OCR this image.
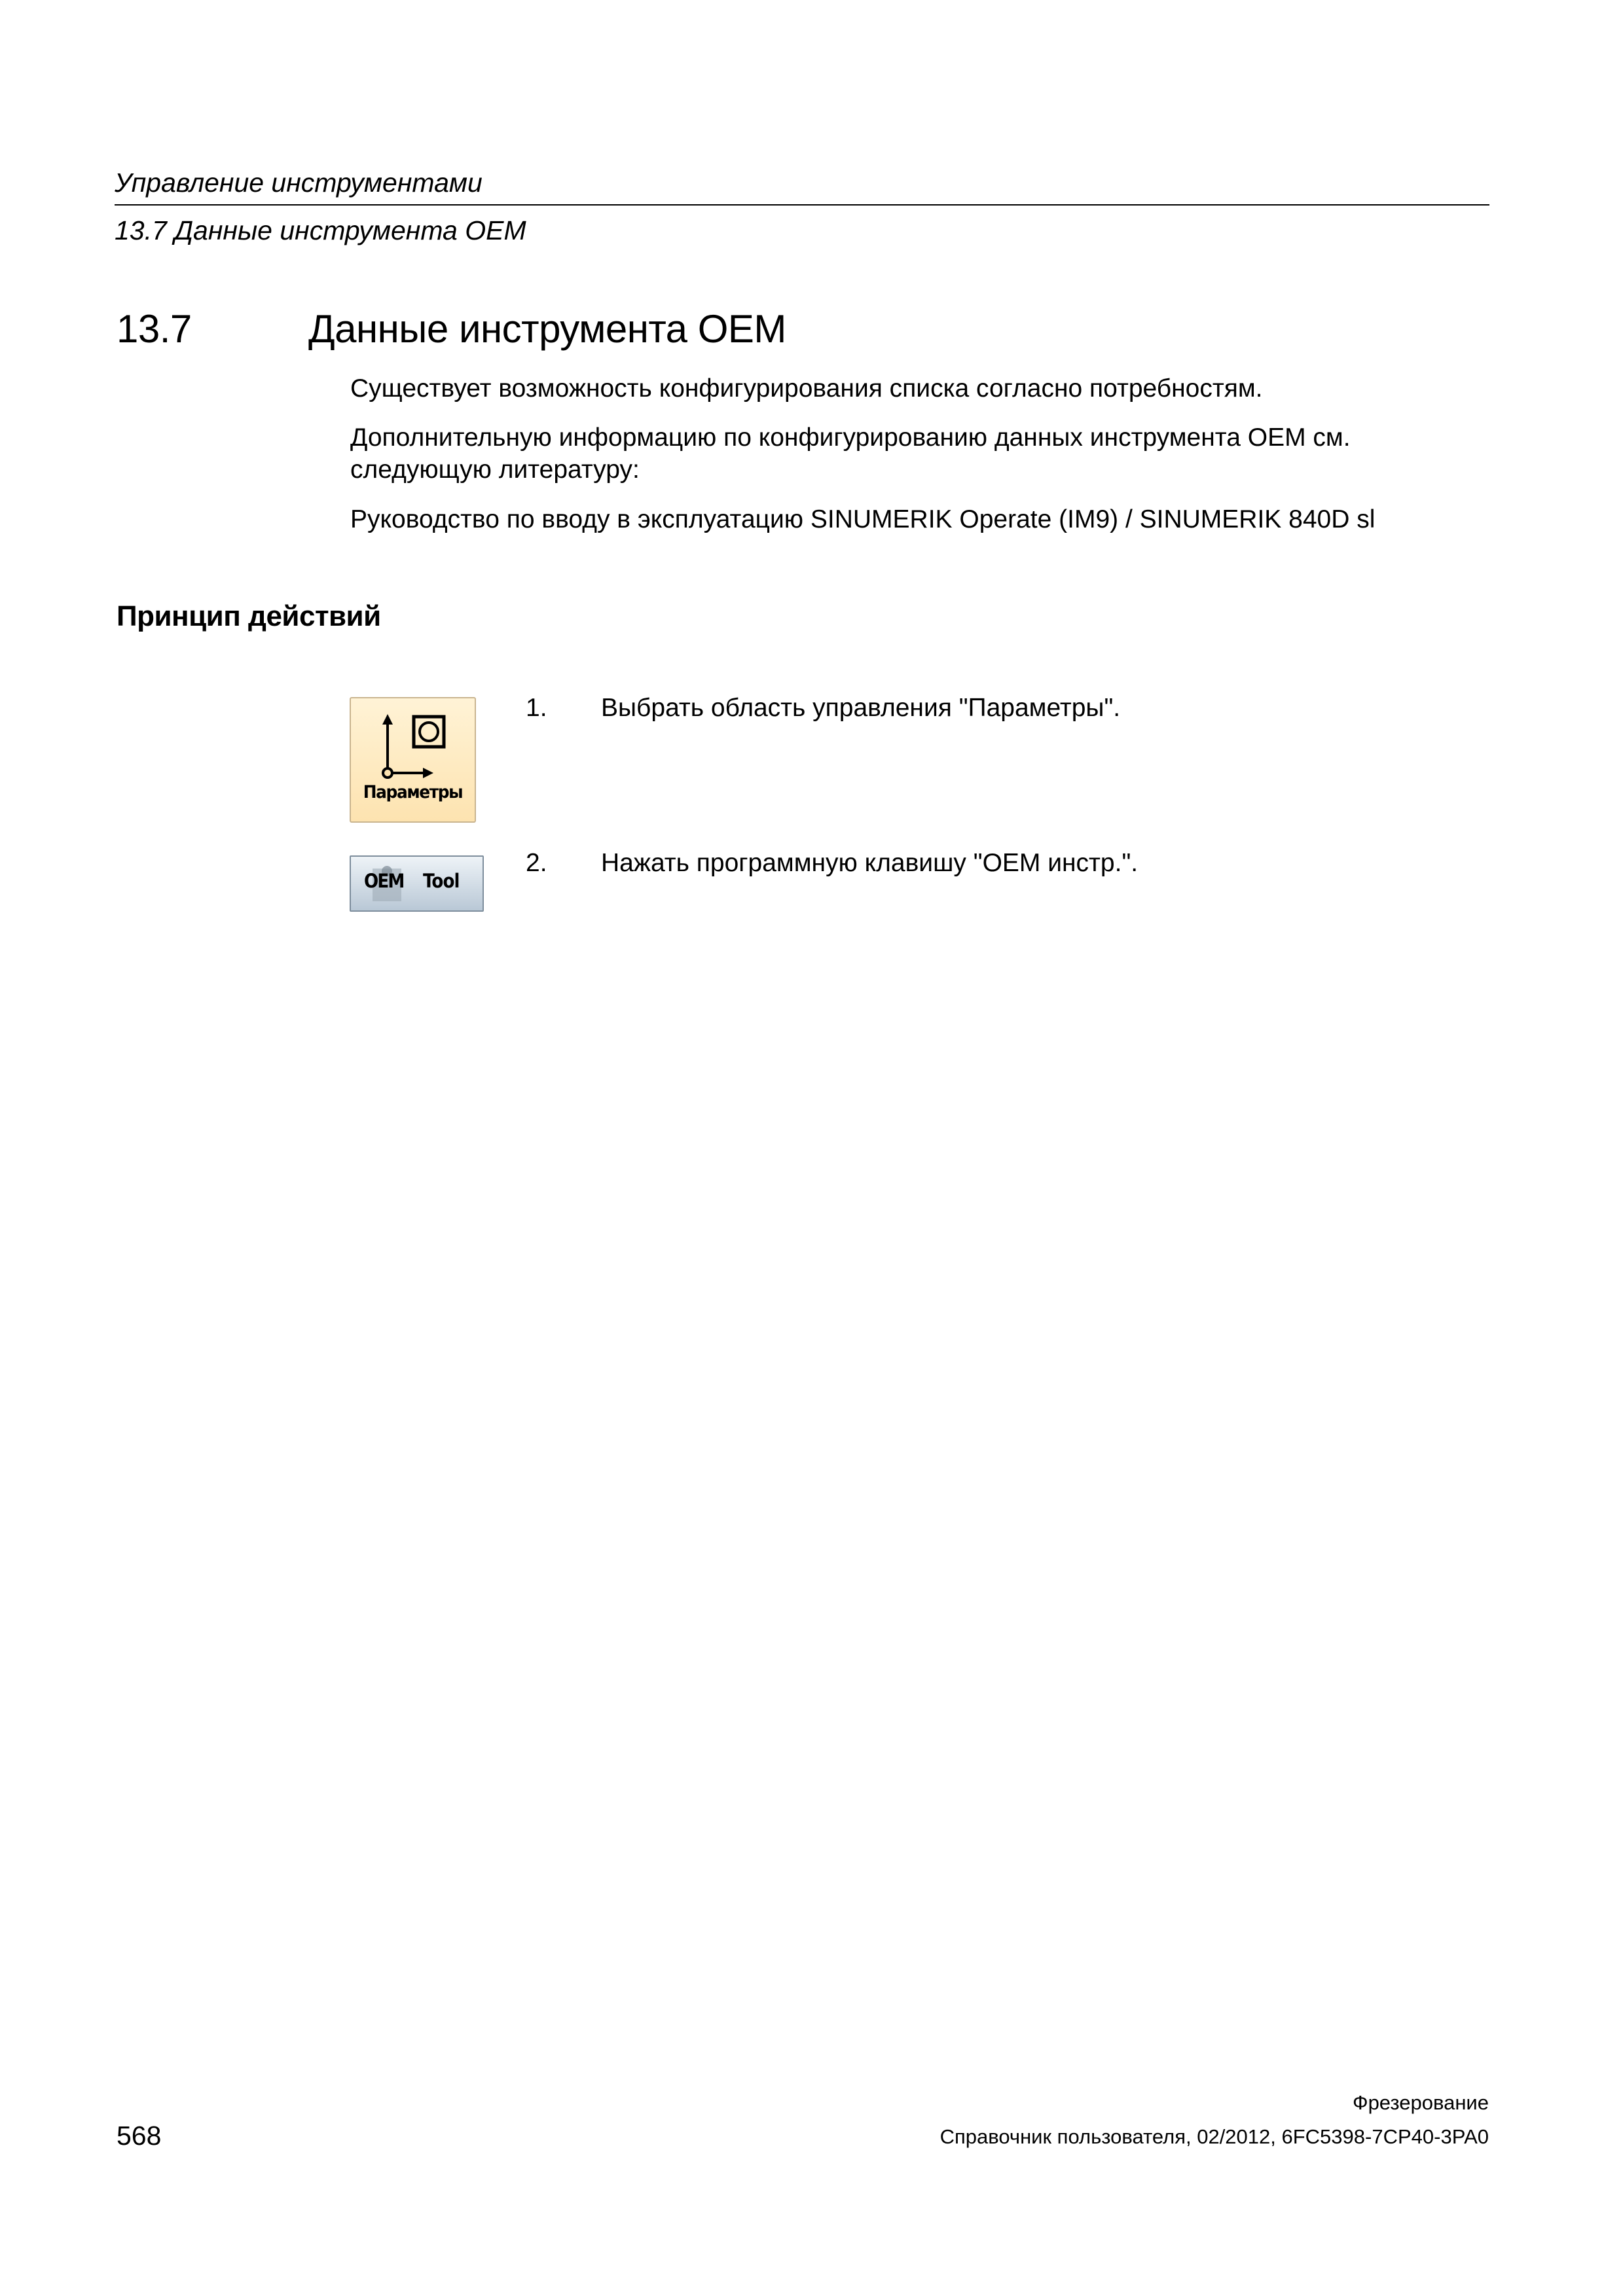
Управление инструментами
13.7 Данные инструмента OEM
13.7	Данные инструмента OEM
Существует возможность конфигурирования списка согласно потребностям.
Дополнительную информацию по конфигурированию данных инструмента OEM см. следующую литературу:
Руководство по вводу в эксплуатацию SINUMERIK Operate (IM9) / SINUMERIK 840D sl
Принцип действий
Параметры
1. Выбрать область управления "Параметры".
OEM Tool
2. Нажать программную клавишу "OEM инстр.".
568
Фрезерование
Справочник пользователя, 02/2012, 6FC5398-7CP40-3PA0
